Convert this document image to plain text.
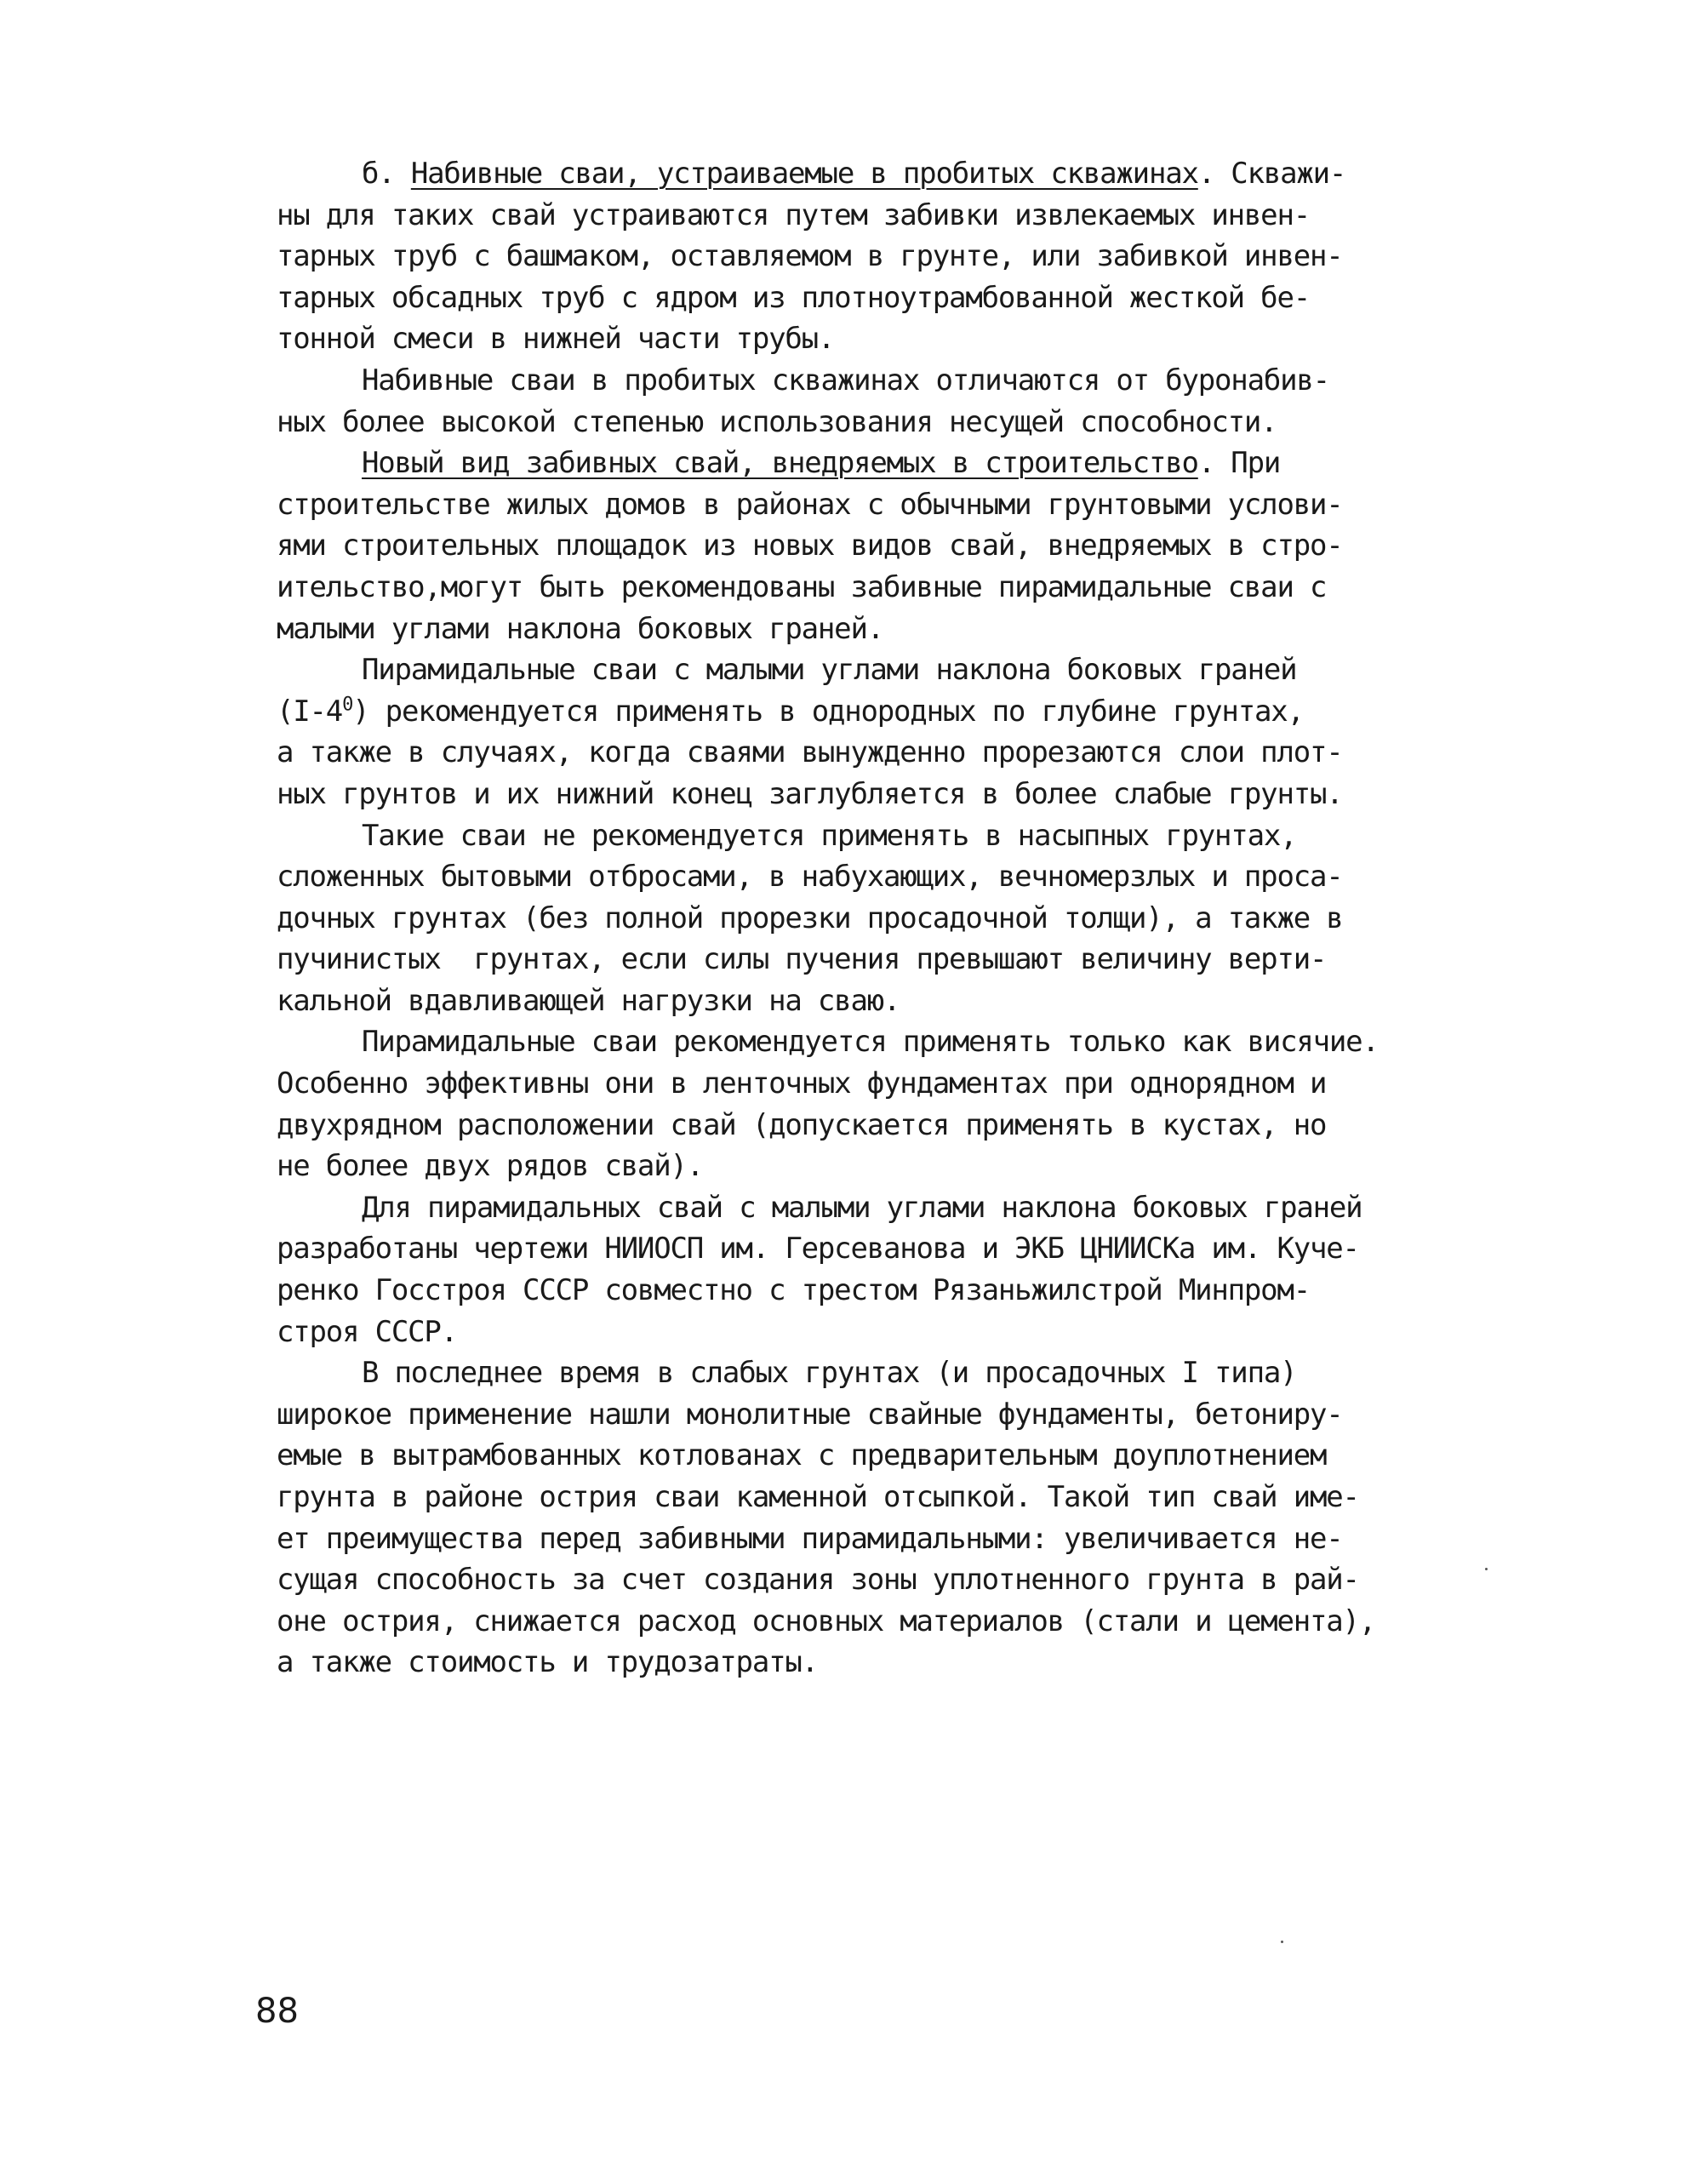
б. Набивные сваи, устраиваемые в пробитых скважинах. Скважи-
ны для таких свай устраиваются путем забивки извлекаемых инвен-
тарных труб с башмаком, оставляемом в грунте, или забивкой инвен-
тарных обсадных труб с ядром из плотноутрамбованной жесткой бе-
тонной смеси в нижней части трубы.
Набивные сваи в пробитых скважинах отличаются от буронабив-
ных более высокой степенью использования несущей способности.
Новый вид забивных свай, внедряемых в строительство. При
строительстве жилых домов в районах с обычными грунтовыми услови-
ями строительных площадок из новых видов свай, внедряемых в стро-
ительство,могут быть рекомендованы забивные пирамидальные сваи с
малыми углами наклона боковых граней.
Пирамидальные сваи с малыми углами наклона боковых граней
$(I-4^0)$ рекомендуется применять в однородных по глубине грунтах,
а также в случаях, когда сваями вынужденно прорезаются слои плот-
ных грунтов и их нижний конец заглубляется в более слабые грунты.
Такие сваи не рекомендуется применять в насыпных грунтах,
сложенных бытовыми отбросами, в набухающих, вечномерзлых и проса-
дочных грунтах (без полной прорезки просадочной толщи), а также в
пучинистых  грунтах, если силы пучения превышают величину верти-
кальной вдавливающей нагрузки на сваю.
Пирамидальные сваи рекомендуется применять только как висячие.
Особенно эффективны они в ленточных фундаментах при однорядном и
двухрядном расположении свай (допускается применять в кустах, но
не более двух рядов свай).
Для пирамидальных свай с малыми углами наклона боковых граней
разработаны чертежи НИИОСП им. Герсеванова и ЭКБ ЦНИИСКа им. Куче-
ренко Госстроя СССР совместно с трестом Рязаньжилстрой Минпром-
строя СССР.
В последнее время в слабых грунтах (и просадочных I типа)
широкое применение нашли монолитные свайные фундаменты, бетониру-
емые в вытрамбованных котлованах с предварительным доуплотнением
грунта в районе острия сваи каменной отсыпкой. Такой тип свай име-
ет преимущества перед забивными пирамидальными: увеличивается не-
сущая способность за счет создания зоны уплотненного грунта в рай-
оне острия, снижается расход основных материалов (стали и цемента),
а также стоимость и трудозатраты.
88
